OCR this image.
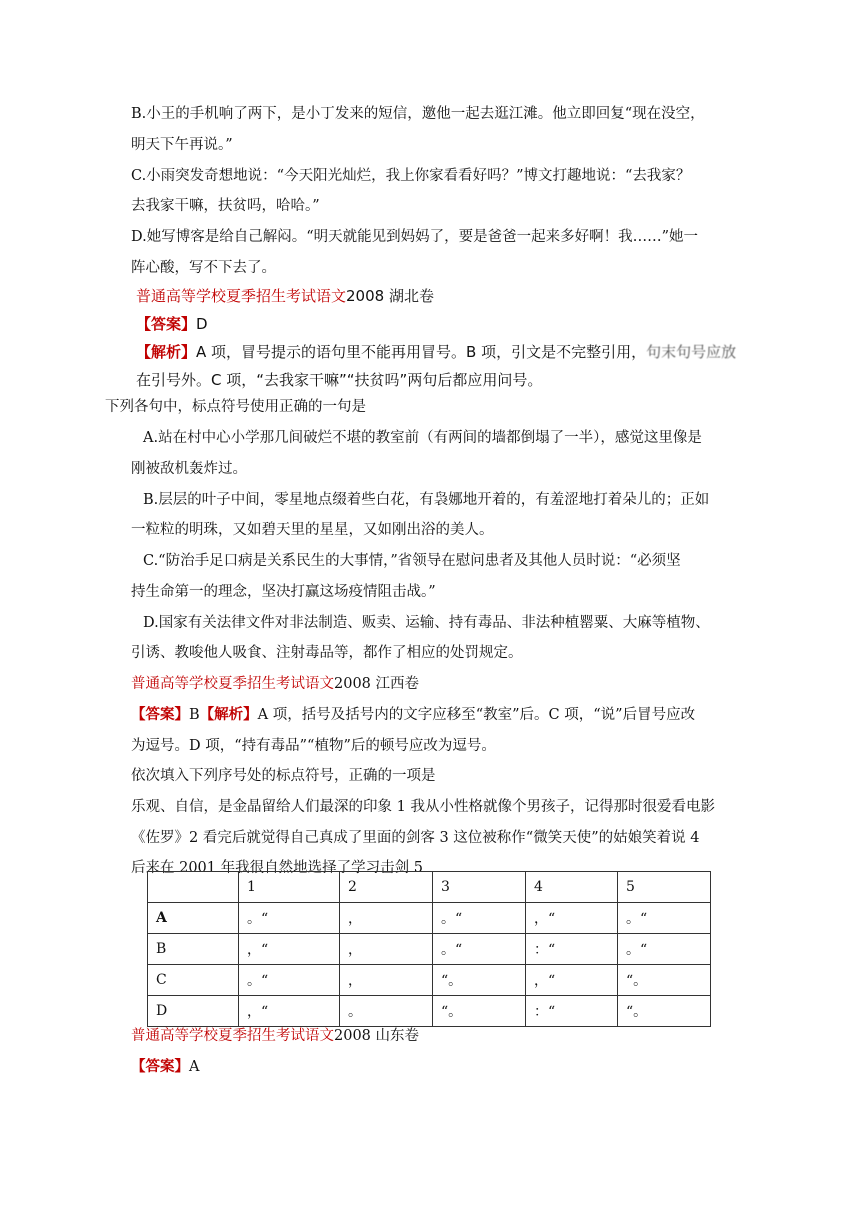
B.小王的手机响了两下，是小丁发来的短信，邀他一起去逛江滩。他立即回复“现在没空，
明天下午再说。”
C.小雨突发奇想地说：“今天阳光灿烂，我上你家看看好吗？”博文打趣地说：“去我家？
去我家干嘛，扶贫吗，哈哈。”
D.她写博客是给自己解闷。“明天就能见到妈妈了，要是爸爸一起来多好啊！我……”她一
阵心酸，写不下去了。
普通高等学校夏季招生考试语文2008 湖北卷
【答案】D
【解析】A 项，冒号提示的语句里不能再用冒号。B 项，引文是不完整引用，句末句号应放
在引号外。C 项，“去我家干嘛”“扶贫吗”两句后都应用问号。
下列各句中，标点符号使用正确的一句是
A.站在村中心小学那几间破烂不堪的教室前（有两间的墙都倒塌了一半），感觉这里像是
刚被敌机轰炸过。
B.层层的叶子中间，零星地点缀着些白花，有袅娜地开着的，有羞涩地打着朵儿的；正如
一粒粒的明珠，又如碧天里的星星，又如刚出浴的美人。
C.“防治手足口病是关系民生的大事情，”省领导在慰问患者及其他人员时说：“必须坚
持生命第一的理念，坚决打赢这场疫情阻击战。”
D.国家有关法律文件对非法制造、贩卖、运输、持有毒品、非法种植罂粟、大麻等植物、
引诱、教唆他人吸食、注射毒品等，都作了相应的处罚规定。
普通高等学校夏季招生考试语文2008 江西卷
【答案】B【解析】A 项，括号及括号内的文字应移至“教室”后。C 项，“说”后冒号应改
为逗号。D 项，“持有毒品”“植物”后的顿号应改为逗号。
依次填入下列序号处的标点符号，正确的一项是
乐观、自信，是金晶留给人们最深的印象 1 我从小性格就像个男孩子，记得那时很爱看电影
《佐罗》2 看完后就觉得自己真成了里面的剑客 3 这位被称作“微笑天使”的姑娘笑着说 4
后来在 2001 年我很自然地选择了学习击剑 5
	1	2	3	4	5
A	。“	，	。“	，“	。“
B	，“	，	。“	：“	。“
C	。“	，	“。	，“	“。
D	，“	。	“。	：“	“。
普通高等学校夏季招生考试语文2008 山东卷
【答案】A
